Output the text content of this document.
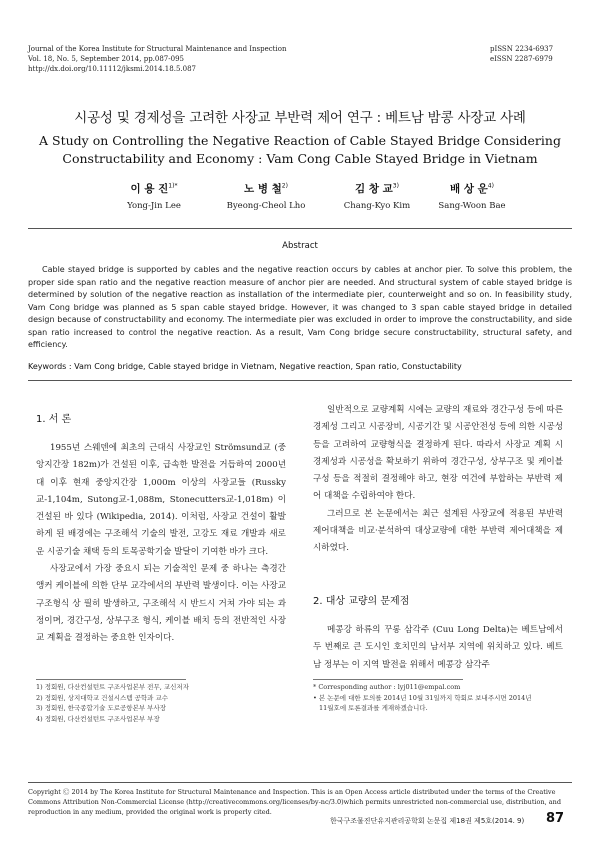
Journal of the Korea Institute for Structural Maintenance and Inspection
Vol. 18, No. 5, September 2014, pp.087-095
http://dx.doi.org/10.11112/jksmi.2014.18.5.087
pISSN 2234-6937
eISSN 2287-6979
시공성 및 경제성을 고려한 사장교 부반력 제어 연구 : 베트남 밤콩 사장교 사례
A Study on Controlling the Negative Reaction of Cable Stayed Bridge Considering
Constructability and Economy : Vam Cong Cable Stayed Bridge in Vietnam
이 용 진$^{1)*}$
Yong-Jin Lee
노 병 철$^{2)}$
Byeong-Cheol Lho
김 창 교$^{3)}$
Chang-Kyo Kim
배 상 운$^{4)}$
Sang-Woon Bae
Abstract
Cable stayed bridge is supported by cables and the negative reaction occurs by cables at anchor pier. To solve this problem, the proper side span ratio and the negative reaction measure of anchor pier are needed. And structural system of cable stayed bridge is determined by solution of the negative reaction as installation of the intermediate pier, counterweight and so on. In feasibility study, Vam Cong bridge was planned as 5 span cable stayed bridge. However, it was changed to 3 span cable stayed bridge in detailed design because of constructability and economy. The intermediate pier was excluded in order to improve the constructability, and side span ratio increased to control the negative reaction. As a result, Vam Cong bridge secure constructability, structural safety, and efficiency.
Keywords : Vam Cong bridge, Cable stayed bridge in Vietnam, Negative reaction, Span ratio, Constuctability
1. 서 론

1955년 스웨덴에 최초의 근대식 사장교인 Strömsund교 (중앙지간장 182m)가 건설된 이후, 급속한 발전을 거듭하여 2000년대 이후 현재 중앙지간장 1,000m 이상의 사장교들 (Russky교-1,104m, Sutong교-1,088m, Stonecutters교-1,018m) 이 건설된 바 있다 (Wikipedia, 2014). 이처럼, 사장교 건설이 활발하게 된 배경에는 구조해석 기술의 발전, 고강도 재료 개발과 새로운 시공기술 채택 등의 토목공학기술 발달이 기여한 바가 크다.

사장교에서 가장 중요시 되는 기술적인 문제 중 하나는 측경간 앵커 케이블에 의한 단부 교각에서의 부반력 발생이다. 이는 사장교 구조형식 상 필히 발생하고, 구조해석 시 반드시 거쳐 가야 되는 과정이며, 경간구성, 상부구조 형식, 케이블 배치 등의 전반적인 사장교 계획을 결정하는 중요한 인자이다.

일반적으로 교량계획 시에는 교량의 재료와 경간구성 등에 따른 경제성 그리고 시공장비, 시공기간 및 시공안전성 등에 의한 시공성 등을 고려하여 교량형식을 결정하게 된다. 따라서 사장교 계획 시 경제성과 시공성을 확보하기 위하여 경간구성, 상부구조 및 케이블 구성 등을 적절히 결정해야 하고, 현장 여건에 부합하는 부반력 제어 대책을 수립하여야 한다.

그러므로 본 논문에서는 최근 설계된 사장교에 적용된 부반력 제어대책을 비교·분석하여 대상교량에 대한 부반력 제어대책을 제시하였다.

2. 대상 교량의 문제점

메콩강 하류의 꾸롱 삼각주 (Cuu Long Delta)는 베트남에서 두 번째로 큰 도시인 호치민의 남서부 지역에 위치하고 있다. 베트남 정부는 이 지역 발전을 위해서 메콩강 삼각주

1) 정회원, 다산컨설턴트 구조사업본부 전무, 교신저자
2) 정회원, 상지대학교 건설시스템 공학과 교수
3) 정회원, 한국종합기술 도로공항본부 부사장
4) 정회원, 다산컨설턴트 구조사업본부 부장
* Corresponding author : lyj011@empal.com
• 본 논문에 대한 토의를 2014년 10월 31일까지 학회로 보내주시면 2014년
11월호에 토론결과를 게재하겠습니다.
Copyright Ⓒ 2014 by The Korea Institute for Structural Maintenance and Inspection. This is an Open Access article distributed under the terms of the Creative Commons Attribution Non-Commercial License (http://creativecommons.org/licenses/by-nc/3.0)which permits unrestricted non-commercial use, distribution, and reproduction in any medium, provided the original work is properly cited.
한국구조물진단유지관리공학회 논문집 제18권 제5호(2014. 9) 87
